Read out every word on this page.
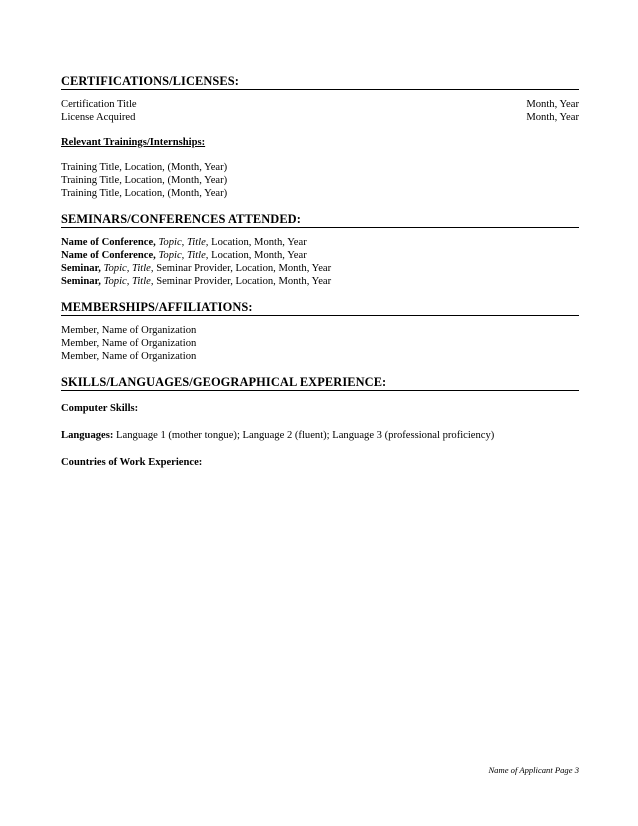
CERTIFICATIONS/LICENSES:
Certification Title	Month, Year
License Acquired	Month, Year
Relevant Trainings/Internships:
Training Title, Location, (Month, Year)
Training Title, Location, (Month, Year)
Training Title, Location, (Month, Year)
SEMINARS/CONFERENCES ATTENDED:
Name of Conference, Topic, Title, Location, Month, Year
Name of Conference, Topic, Title, Location, Month, Year
Seminar, Topic, Title, Seminar Provider, Location, Month, Year
Seminar, Topic, Title, Seminar Provider, Location, Month, Year
MEMBERSHIPS/AFFILIATIONS:
Member, Name of Organization
Member, Name of Organization
Member, Name of Organization
SKILLS/LANGUAGES/GEOGRAPHICAL EXPERIENCE:
Computer Skills:
Languages: Language 1 (mother tongue); Language 2 (fluent); Language 3 (professional proficiency)
Countries of Work Experience:
Name of Applicant Page 3
